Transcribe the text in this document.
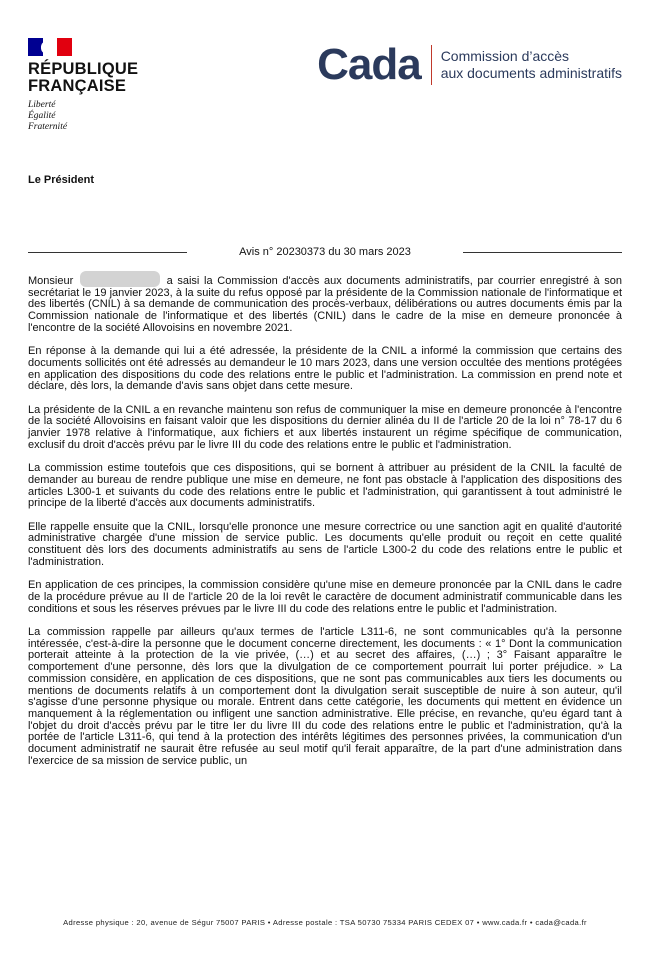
RÉPUBLIQUE
FRANÇAISE
Liberté
Égalité
Fraternité
Cada Commission d’accès
aux documents administratifs
Le Président
Avis n° 20230373 du 30 mars 2023

Monsieur	a saisi la Commission d'accès aux documents administratifs, par courrier enregistré à son secrétariat le 19 janvier 2023, à la suite du refus opposé par la présidente de la Commission nationale de l'informatique et des libertés (CNIL) à sa demande de communication des procès-verbaux, délibérations ou autres documents émis par la Commission nationale de l'informatique et des libertés (CNIL) dans le cadre de la mise en demeure prononcée à l'encontre de la société Allovoisins en novembre 2021.

En réponse à la demande qui lui a été adressée, la présidente de la CNIL a informé la commission que certains des documents sollicités ont été adressés au demandeur le 10 mars 2023, dans une version occultée des mentions protégées en application des dispositions du code des relations entre le public et l'administration. La commission en prend note et déclare, dès lors, la demande d'avis sans objet dans cette mesure.

La présidente de la CNIL a en revanche maintenu son refus de communiquer la mise en demeure prononcée à l'encontre de la société Allovoisins en faisant valoir que les dispositions du dernier alinéa du II de l'article 20 de la loi n° 78-17 du 6 janvier 1978 relative à l'informatique, aux fichiers et aux libertés instaurent un régime spécifique de communication, exclusif du droit d'accès prévu par le livre III du code des relations entre le public et l'administration.

La commission estime toutefois que ces dispositions, qui se bornent à attribuer au président de la CNIL la faculté de demander au bureau de rendre publique une mise en demeure, ne font pas obstacle à l'application des dispositions des articles L300-1 et suivants du code des relations entre le public et l'administration, qui garantissent à tout administré le principe de la liberté d'accès aux documents administratifs.

Elle rappelle ensuite que la CNIL, lorsqu'elle prononce une mesure correctrice ou une sanction agit en qualité d'autorité administrative chargée d'une mission de service public. Les documents qu'elle produit ou reçoit en cette qualité constituent dès lors des documents administratifs au sens de l'article L300-2 du code des relations entre le public et l'administration.

En application de ces principes, la commission considère qu'une mise en demeure prononcée par la CNIL dans le cadre de la procédure prévue au II de l'article 20 de la loi revêt le caractère de document administratif communicable dans les conditions et sous les réserves prévues par le livre III du code des relations entre le public et l'administration.

La commission rappelle par ailleurs qu'aux termes de l'article L311-6, ne sont communicables qu'à la personne intéressée, c'est-à-dire la personne que le document concerne directement, les documents : « 1° Dont la communication porterait atteinte à la protection de la vie privée, (…) et au secret des affaires, (…) ; 3° Faisant apparaître le comportement d'une personne, dès lors que la divulgation de ce comportement pourrait lui porter préjudice. » La commission considère, en application de ces dispositions, que ne sont pas communicables aux tiers les documents ou mentions de documents relatifs à un comportement dont la divulgation serait susceptible de nuire à son auteur, qu'il s'agisse d'une personne physique ou morale. Entrent dans cette catégorie, les documents qui mettent en évidence un manquement à la réglementation ou infligent une sanction administrative. Elle précise, en revanche, qu'eu égard tant à l'objet du droit d'accès prévu par le titre Ier du livre III du code des relations entre le public et l'administration, qu'à la portée de l'article L311-6, qui tend à la protection des intérêts légitimes des personnes privées, la communication d'un document administratif ne saurait être refusée au seul motif qu'il ferait apparaître, de la part d'une administration dans l'exercice de sa mission de service public, un

Adresse physique : 20, avenue de Ségur 75007 PARIS • Adresse postale : TSA 50730 75334 PARIS CEDEX 07 • www.cada.fr • cada@cada.fr
